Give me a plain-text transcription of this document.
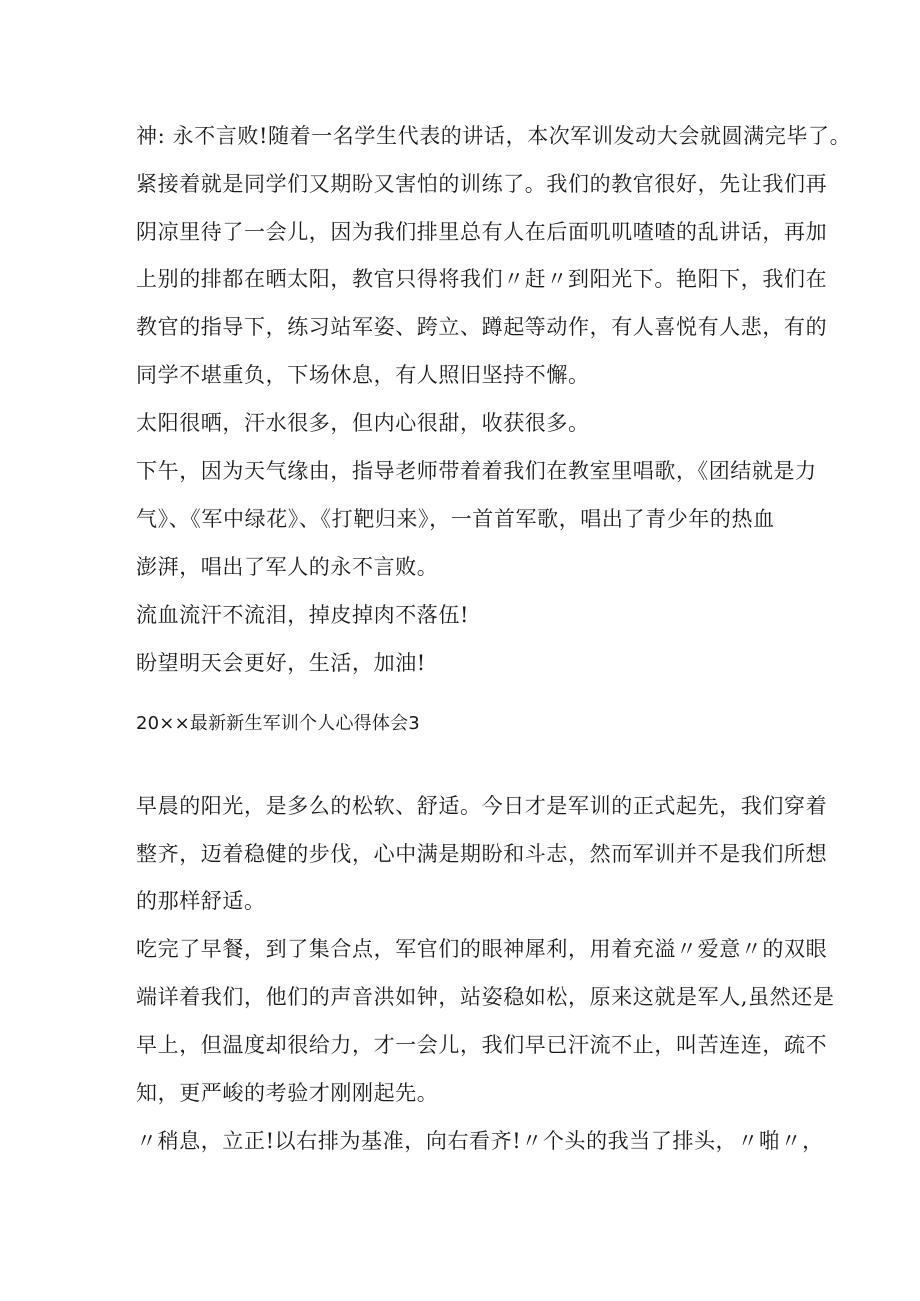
神: 永不言败!随着一名学生代表的讲话，本次军训发动大会就圆满完毕了。
紧接着就是同学们又期盼又害怕的训练了。我们的教官很好，先让我们再
阴凉里待了一会儿，因为我们排里总有人在后面叽叽喳喳的乱讲话，再加
上别的排都在晒太阳，教官只得将我们〃赶〃到阳光下。艳阳下，我们在
教官的指导下，练习站军姿、跨立、蹲起等动作，有人喜悦有人悲，有的
同学不堪重负，下场休息，有人照旧坚持不懈。
太阳很晒，汗水很多，但内心很甜，收获很多。
下午，因为天气缘由，指导老师带着着我们在教室里唱歌，《团结就是力
气》、《军中绿花》、《打靶归来》，一首首军歌，唱出了青少年的热血
澎湃，唱出了军人的永不言败。
流血流汗不流泪，掉皮掉肉不落伍!
盼望明天会更好，生活，加油!
20××最新新生军训个人心得体会3
早晨的阳光，是多么的松软、舒适。今日才是军训的正式起先，我们穿着
整齐，迈着稳健的步伐，心中满是期盼和斗志，然而军训并不是我们所想
的那样舒适。
吃完了早餐，到了集合点，军官们的眼神犀利，用着充溢〃爱意〃的双眼
端详着我们，他们的声音洪如钟，站姿稳如松，原来这就是军人,虽然还是
早上，但温度却很给力，才一会儿，我们早已汗流不止，叫苦连连，疏不
知，更严峻的考验才刚刚起先。
〃稍息，立正!以右排为基准，向右看齐!〃个头的我当了排头，〃啪〃，
